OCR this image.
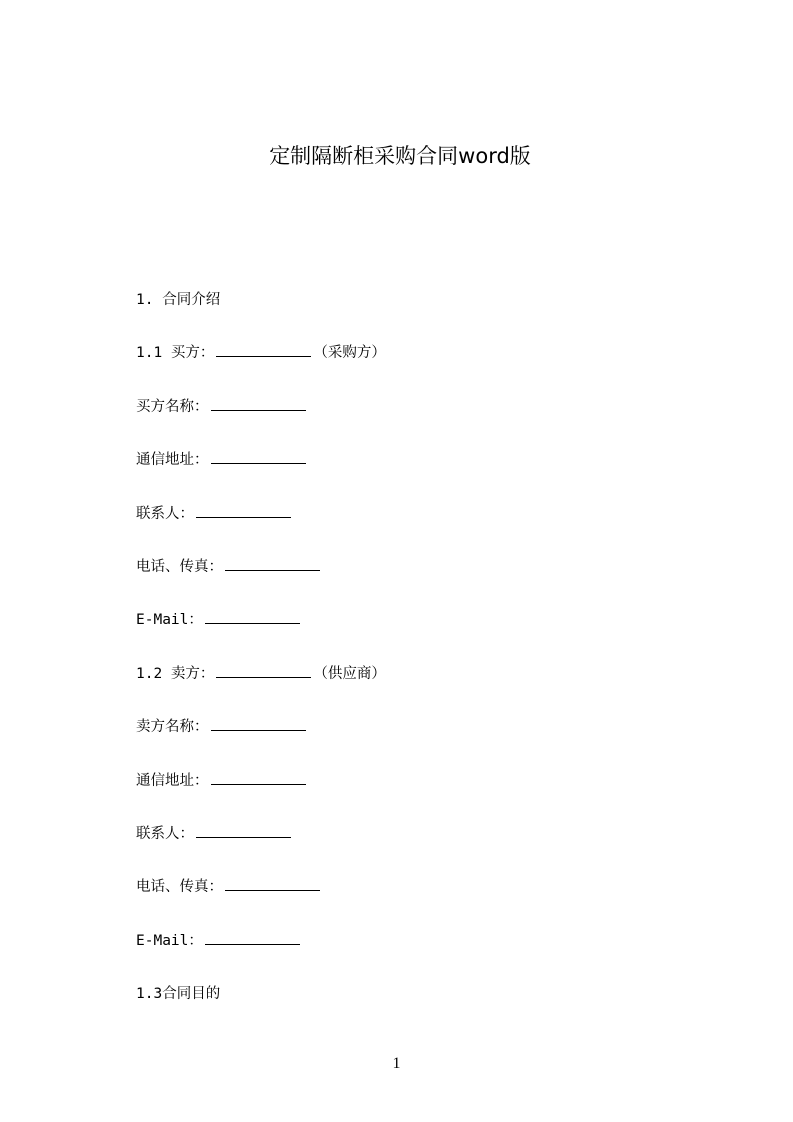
定制隔断柜采购合同word版
1. 合同介绍
1.1 买方：	（采购方）
买方名称：
通信地址：
联系人：
电话、传真：
E-Mail：
1.2 卖方：	（供应商）
卖方名称：
通信地址：
联系人：
电话、传真：
E-Mail：
1.3合同目的
1
